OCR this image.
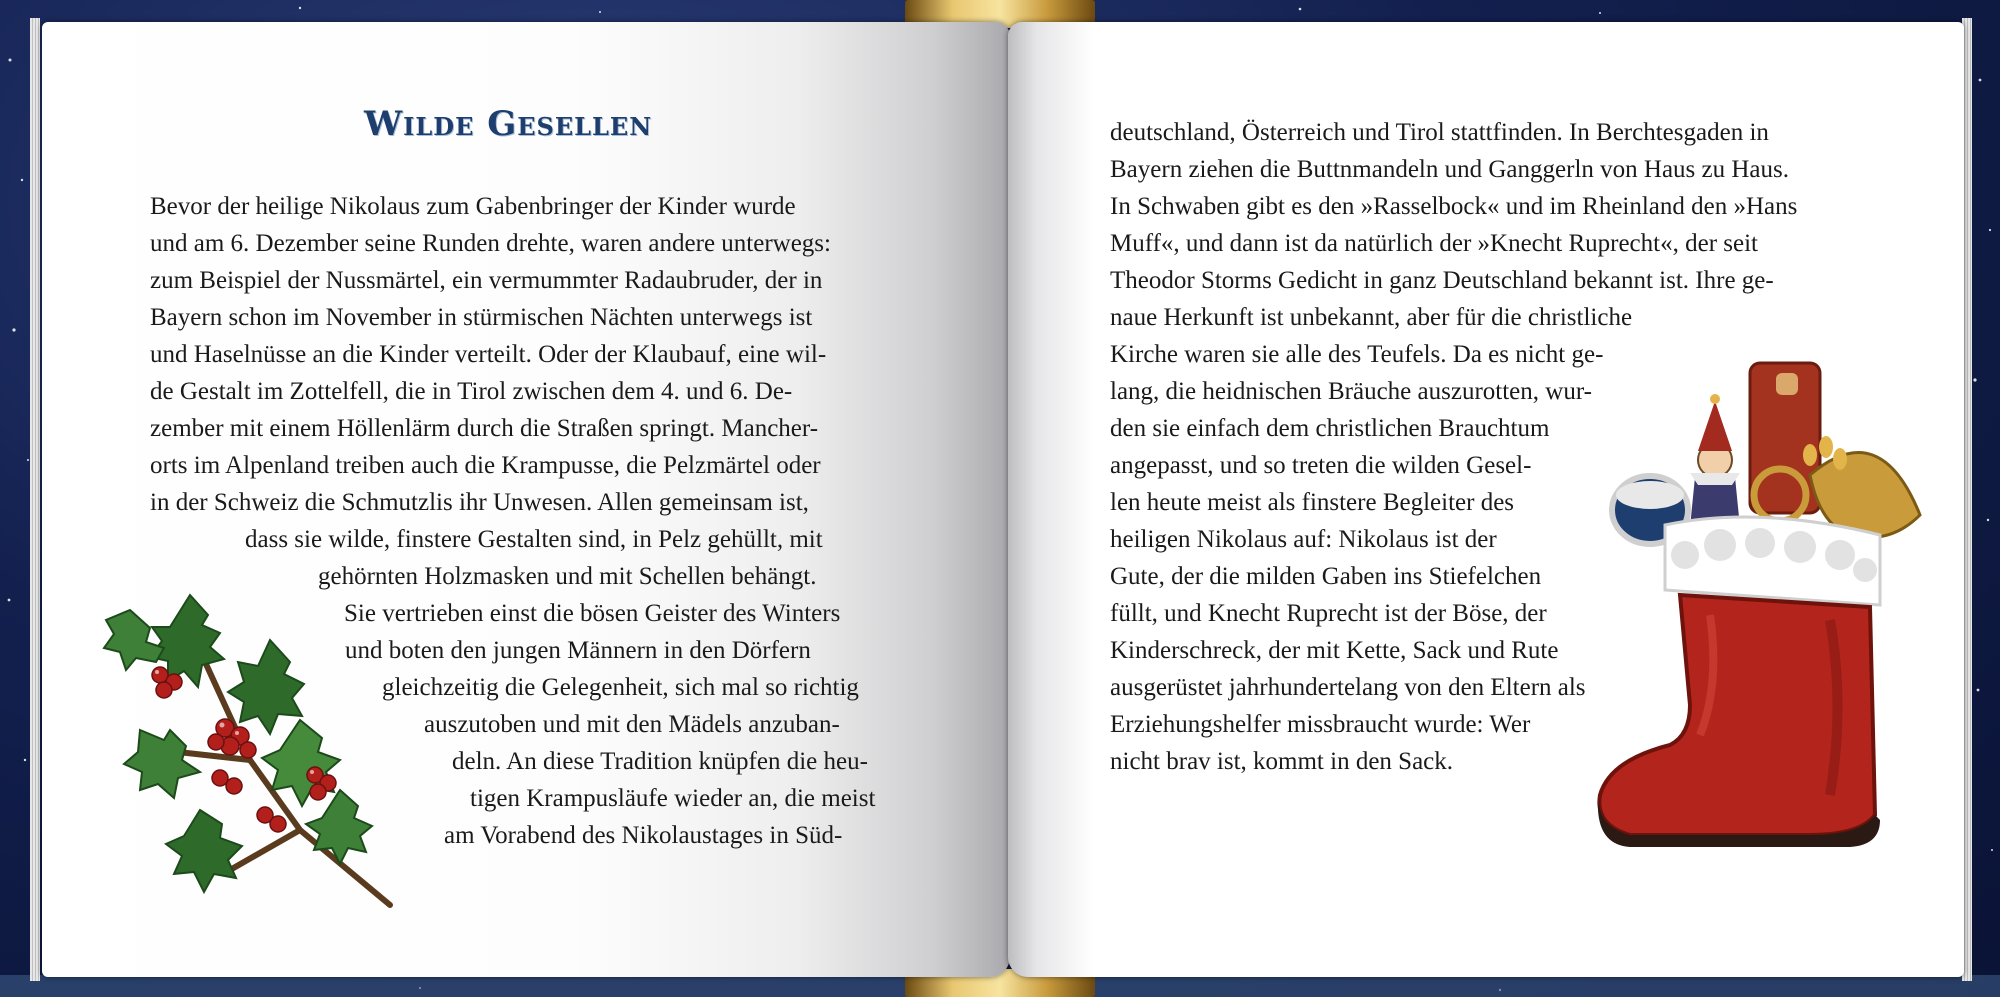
Wilde Gesellen

Bevor der heilige Nikolaus zum Gabenbringer der Kinder wurde

und am 6. Dezember seine Runden drehte, waren andere unterwegs:

zum Beispiel der Nussmärtel, ein vermummter Radaubruder, der in

Bayern schon im November in stürmischen Nächten unterwegs ist

und Haselnüsse an die Kinder verteilt. Oder der Klaubauf, eine wil-

de Gestalt im Zottelfell, die in Tirol zwischen dem 4. und 6. De-

zember mit einem Höllenlärm durch die Straßen springt. Mancher-

orts im Alpenland treiben auch die Krampusse, die Pelzmärtel oder

in der Schweiz die Schmutzlis ihr Unwesen. Allen gemeinsam ist,

dass sie wilde, finstere Gestalten sind, in Pelz gehüllt, mit

gehörnten Holzmasken und mit Schellen behängt.

Sie vertrieben einst die bösen Geister des Winters

und boten den jungen Männern in den Dörfern

gleichzeitig die Gelegenheit, sich mal so richtig

auszutoben und mit den Mädels anzuban-

deln. An diese Tradition knüpfen die heu-

tigen Krampusläufe wieder an, die meist

am Vorabend des Nikolaustages in Süd-

deutschland, Österreich und Tirol stattfinden. In Berchtesgaden in

Bayern ziehen die Buttnmandeln und Ganggerln von Haus zu Haus.

In Schwaben gibt es den »Rasselbock« und im Rheinland den »Hans

Muff«, und dann ist da natürlich der »Knecht Ruprecht«, der seit

Theodor Storms Gedicht in ganz Deutschland bekannt ist. Ihre ge-

naue Herkunft ist unbekannt, aber für die christliche

Kirche waren sie alle des Teufels. Da es nicht ge-

lang, die heidnischen Bräuche auszurotten, wur-

den sie einfach dem christlichen Brauchtum

angepasst, und so treten die wilden Gesel-

len heute meist als finstere Begleiter des

heiligen Nikolaus auf: Nikolaus ist der

Gute, der die milden Gaben ins Stiefelchen

füllt, und Knecht Ruprecht ist der Böse, der

Kinderschreck, der mit Kette, Sack und Rute

ausgerüstet jahrhundertelang von den Eltern als

Erziehungshelfer missbraucht wurde: Wer

nicht brav ist, kommt in den Sack.
